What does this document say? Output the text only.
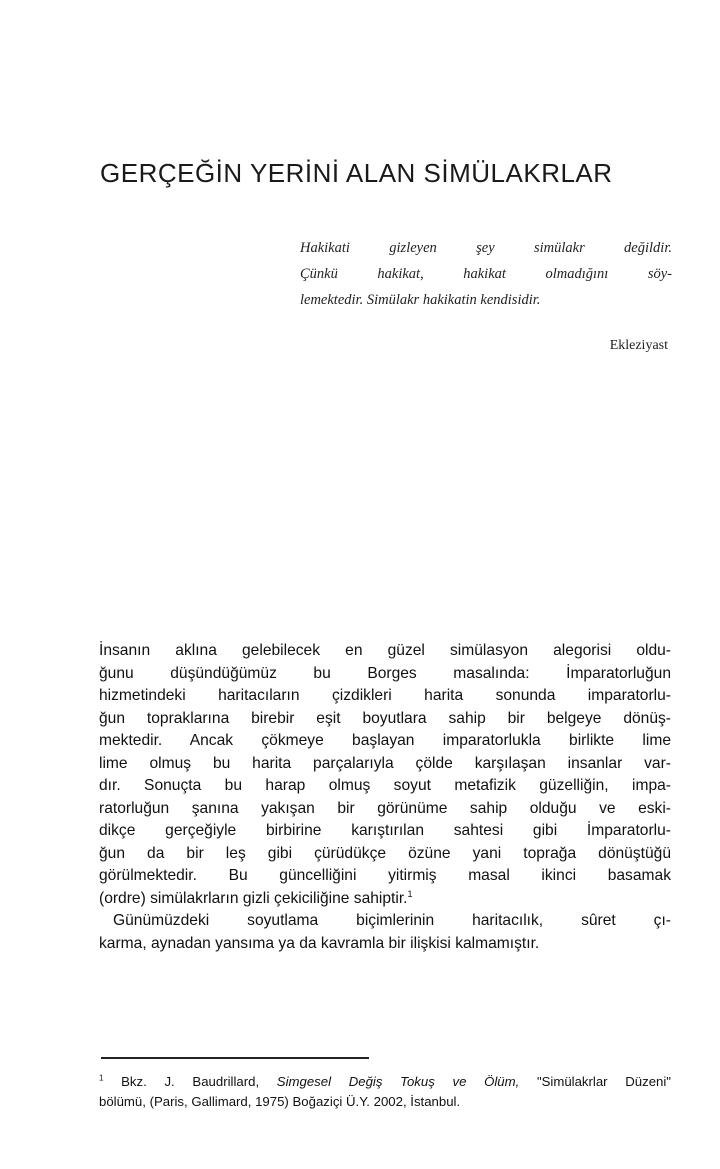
GERÇEĞİN YERİNİ ALAN SİMÜLAKRLAR
Hakikati gizleyen şey simülakr değildir.
Çünkü hakikat, hakikat olmadığını söy-
lemektedir. Simülakr hakikatin kendisidir.
Ekleziyast
İnsanın aklına gelebilecek en güzel simülasyon alegorisi oldu-
ğunu düşündüğümüz bu Borges masalında: İmparatorluğun
hizmetindeki haritacıların çizdikleri harita sonunda imparatorlu-
ğun topraklarına birebir eşit boyutlara sahip bir belgeye dönüş-
mektedir. Ancak çökmeye başlayan imparatorlukla birlikte lime
lime olmuş bu harita parçalarıyla çölde karşılaşan insanlar var-
dır. Sonuçta bu harap olmuş soyut metafizik güzelliğin, impa-
ratorluğun şanına yakışan bir görünüme sahip olduğu ve eski-
dikçe gerçeğiyle birbirine karıştırılan sahtesi gibi İmparatorlu-
ğun da bir leş gibi çürüdükçe özüne yani toprağa dönüştüğü
görülmektedir. Bu güncelliğini yitirmiş masal ikinci basamak
(ordre) simülakrların gizli çekiciliğine sahiptir.$^1$
Günümüzdeki soyutlama biçimlerinin haritacılık, sûret çı-
karma, aynadan yansıma ya da kavramla bir ilişkisi kalmamıştır.
$^1$ Bkz. J. Baudrillard, Simgesel Değiş Tokuş ve Ölüm, "Simülakrlar Düzeni"
bölümü, (Paris, Gallimard, 1975) Boğaziçi Ü.Y. 2002, İstanbul.
